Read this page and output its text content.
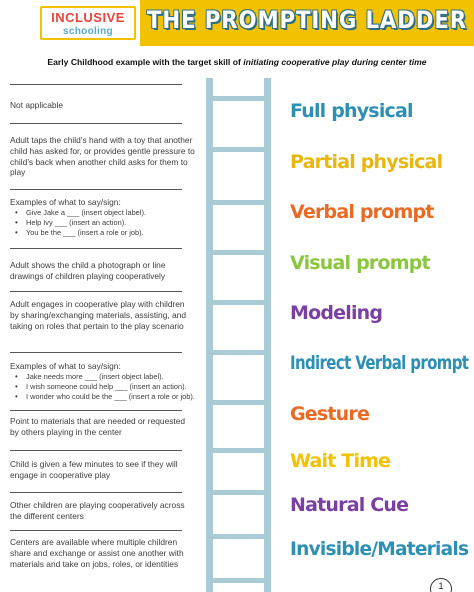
INCLUSIVE
schooling	THE PROMPTING LADDER
Early Childhood example with the target skill of initiating cooperative play during center time
Not applicable
Adult taps the child’s hand with a toy that another child has asked for, or provides gentle pressure to child’s back when another child asks for them to play
Examples of what to say/sign:
• Give Jake a ___ (insert object label).
• Help Ivy ___ (insert an action).
• You be the ___ (insert a role or job).
Adult shows the child a photograph or line drawings of children playing cooperatively
Adult engages in cooperative play with children by sharing/exchanging materials, assisting, and taking on roles that pertain to the play scenario
Examples of what to say/sign:
• Jake needs more ___ (insert object label).
• I wish someone could help ___ (insert an action).
• I wonder who could be the ___ (insert a role or job).
Point to materials that are needed or requested by others playing in the center
Child is given a few minutes to see if they will engage in cooperative play
Other children are playing cooperatively across the different centers
Centers are available where multiple children share and exchange or assist one another with materials and take on jobs, roles, or identities
Full physical
Partial physical
Verbal prompt
Visual prompt
Modeling
Indirect Verbal prompt
Gesture
Wait Time
Natural Cue
Invisible/Materials
1
